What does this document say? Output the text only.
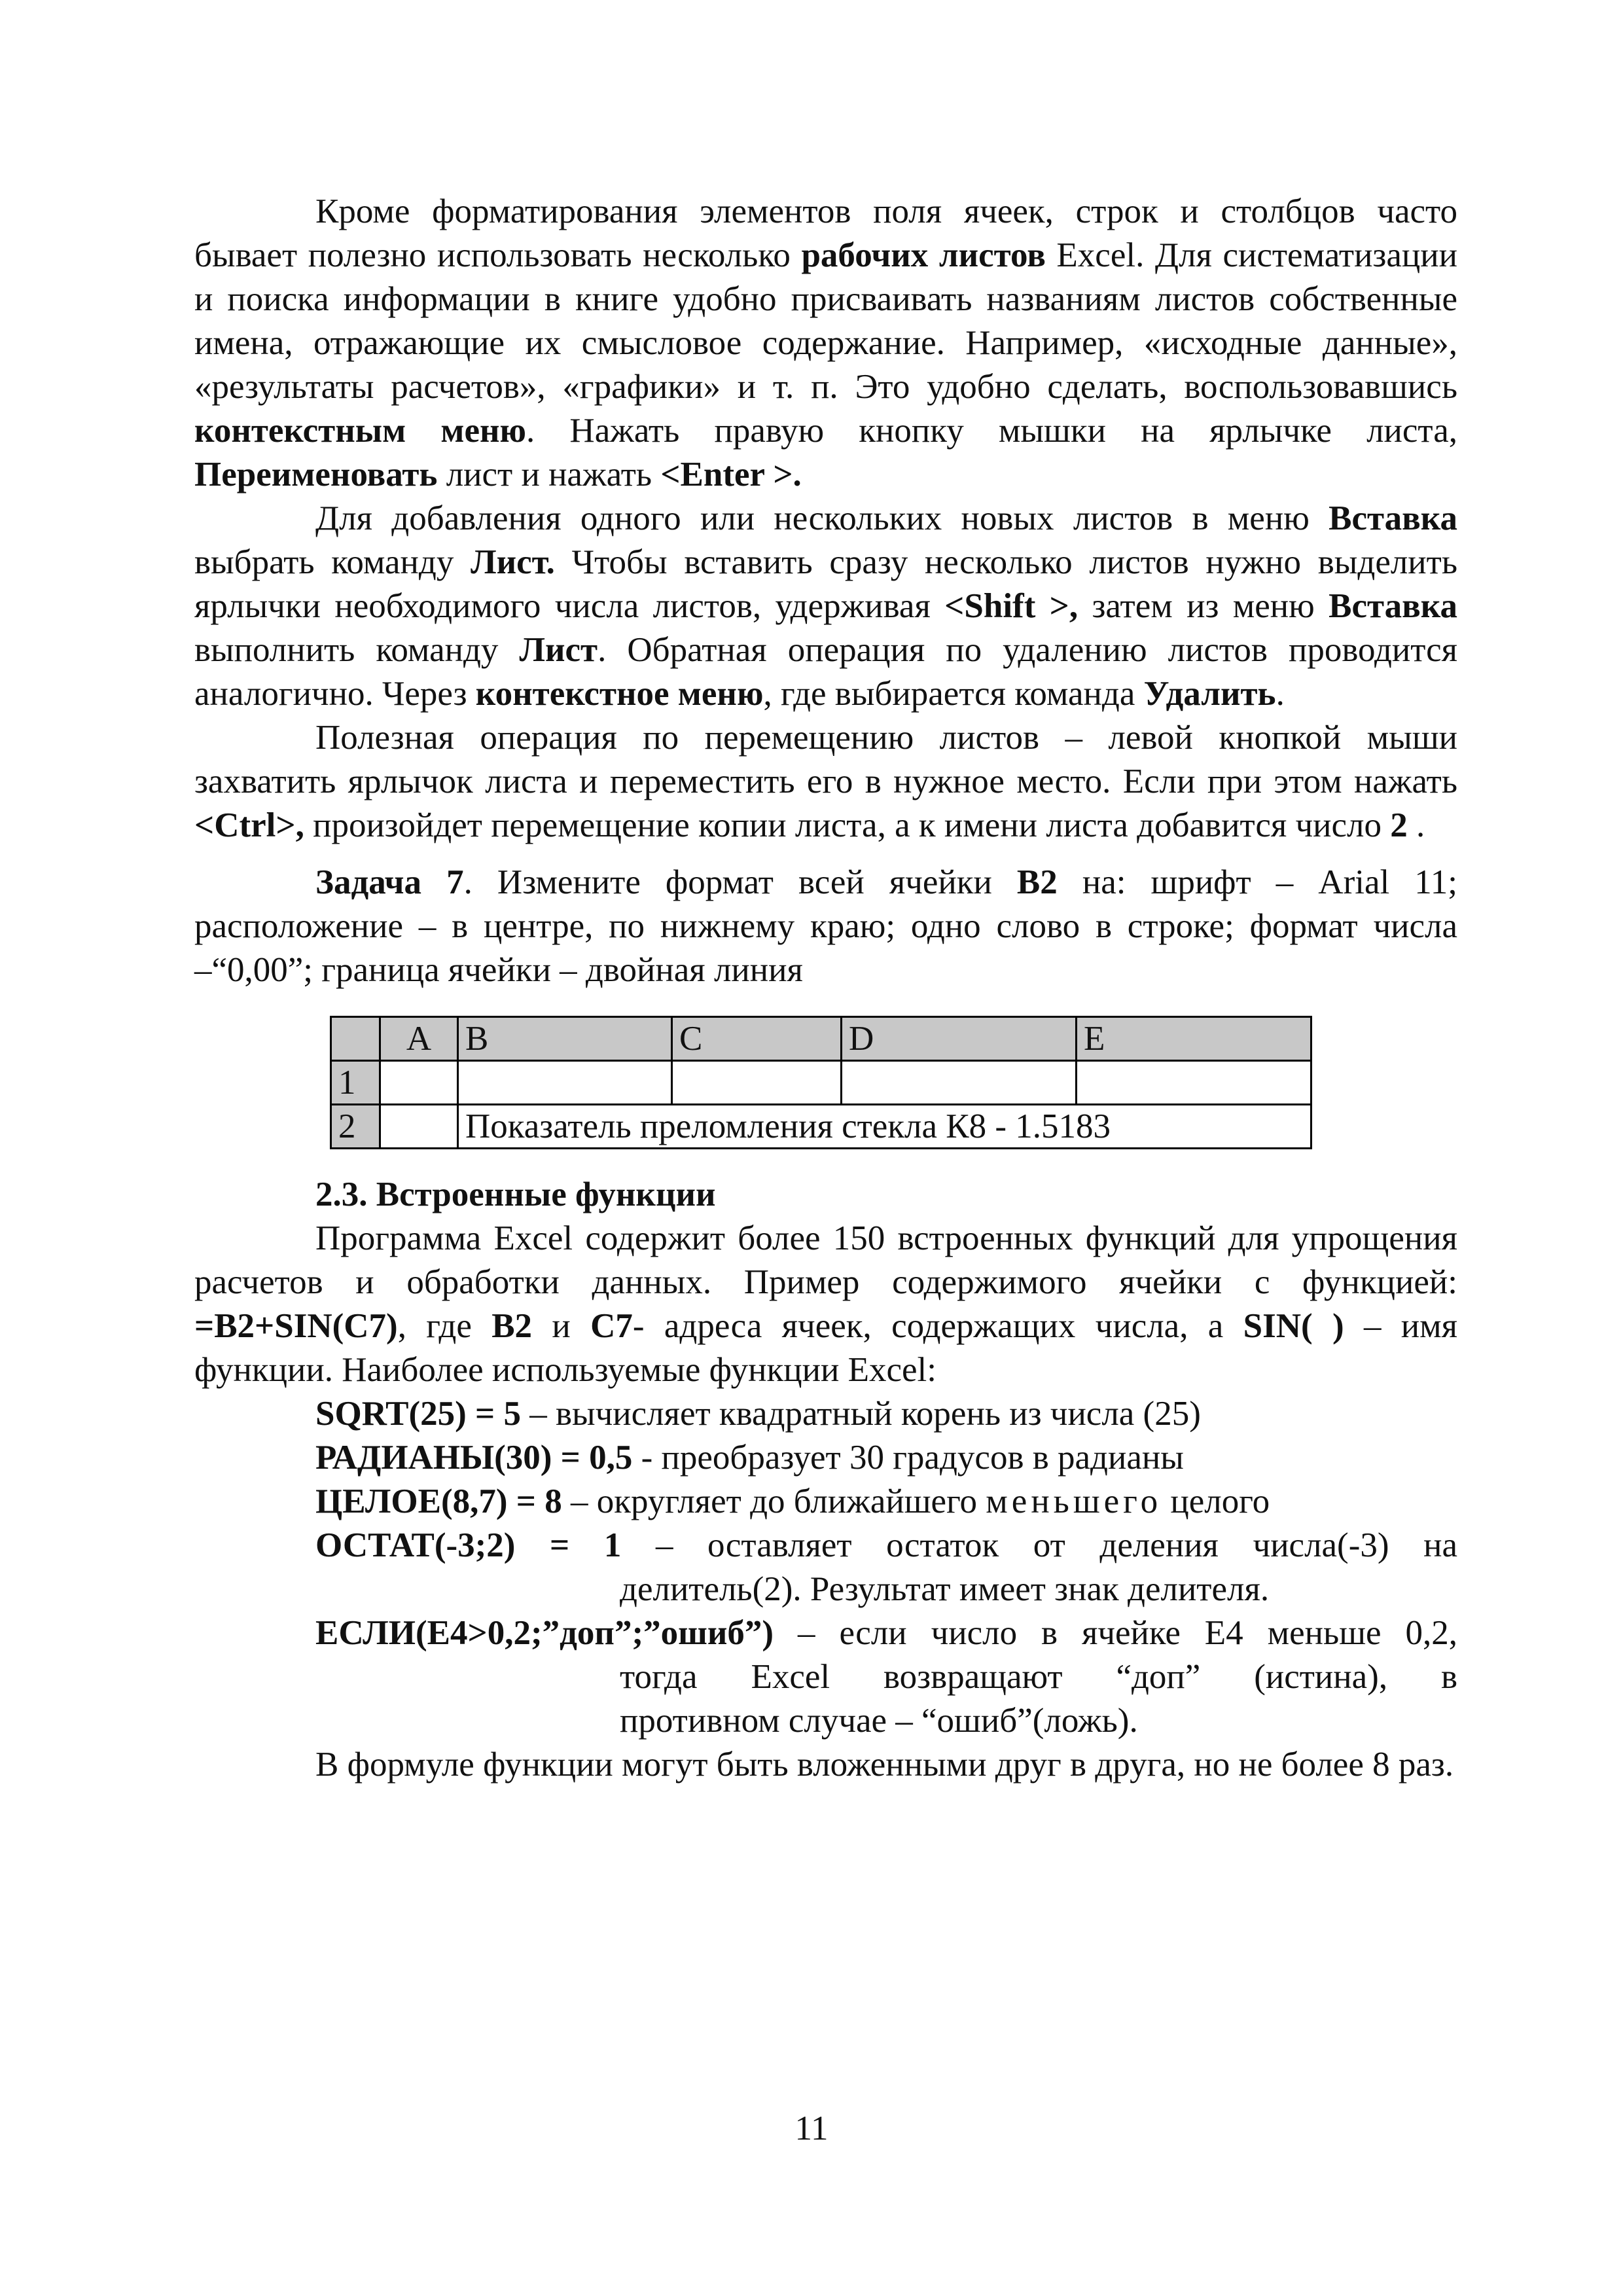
Кроме форматирования элементов поля ячеек, строк и столбцов часто бывает полезно использовать несколько рабочих листов Excel. Для систематизации и поиска информации в книге удобно присваивать названиям листов собственные имена, отражающие их смысловое содержание. Например, «исходные данные», «результаты расчетов», «графики» и т. п. Это удобно сделать, воспользовавшись контекстным меню. Нажать правую кнопку мышки на ярлычке листа, Переименовать лист и нажать <Enter >.

Для добавления одного или нескольких новых листов в меню Вставка выбрать команду Лист. Чтобы вставить сразу несколько листов нужно выделить ярлычки необходимого числа листов, удерживая <Shift >, затем из меню Вставка выполнить команду Лист. Обратная операция по удалению листов проводится аналогично. Через контекстное меню, где выбирается команда Удалить.

Полезная операция по перемещению листов – левой кнопкой мыши захватить ярлычок листа и переместить его в нужное место. Если при этом нажать <Ctrl>, произойдет перемещение копии листа, а к имени листа добавится число 2 .

Задача 7. Измените формат всей ячейки B2 на: шрифт – Arial 11; расположение – в центре, по нижнему краю; одно слово в строке; формат числа –“0,00”; граница ячейки – двойная линия

	A	B	C	D	E
1					
2		Показатель преломления стекла К8 - 1.5183			

2.3. Встроенные функции

Программа Excel содержит более 150 встроенных функций для упрощения расчетов и обработки данных. Пример содержимого ячейки с функцией: =B2+SIN(C7), где B2 и C7- адреса ячеек, содержащих числа, а SIN( ) – имя функции. Наиболее используемые функции Excel:

SQRT(25) = 5 – вычисляет квадратный корень из числа (25)

РАДИАНЫ(30) = 0,5 - преобразует 30 градусов в радианы

ЦЕЛОЕ(8,7) = 8 – округляет до ближайшего меньшего целого

ОСТАТ(-3;2) = 1 – оставляет остаток от деления числа(-3) на

делитель(2). Результат имеет знак делителя.

ЕСЛИ(E4>0,2;”доп”;”ошиб”) – если число в ячейке E4 меньше 0,2,

тогда Excel возвращают “доп” (истина), в

противном случае – “ошиб”(ложь).

В формуле функции могут быть вложенными друг в друга, но не более 8 раз.

11
